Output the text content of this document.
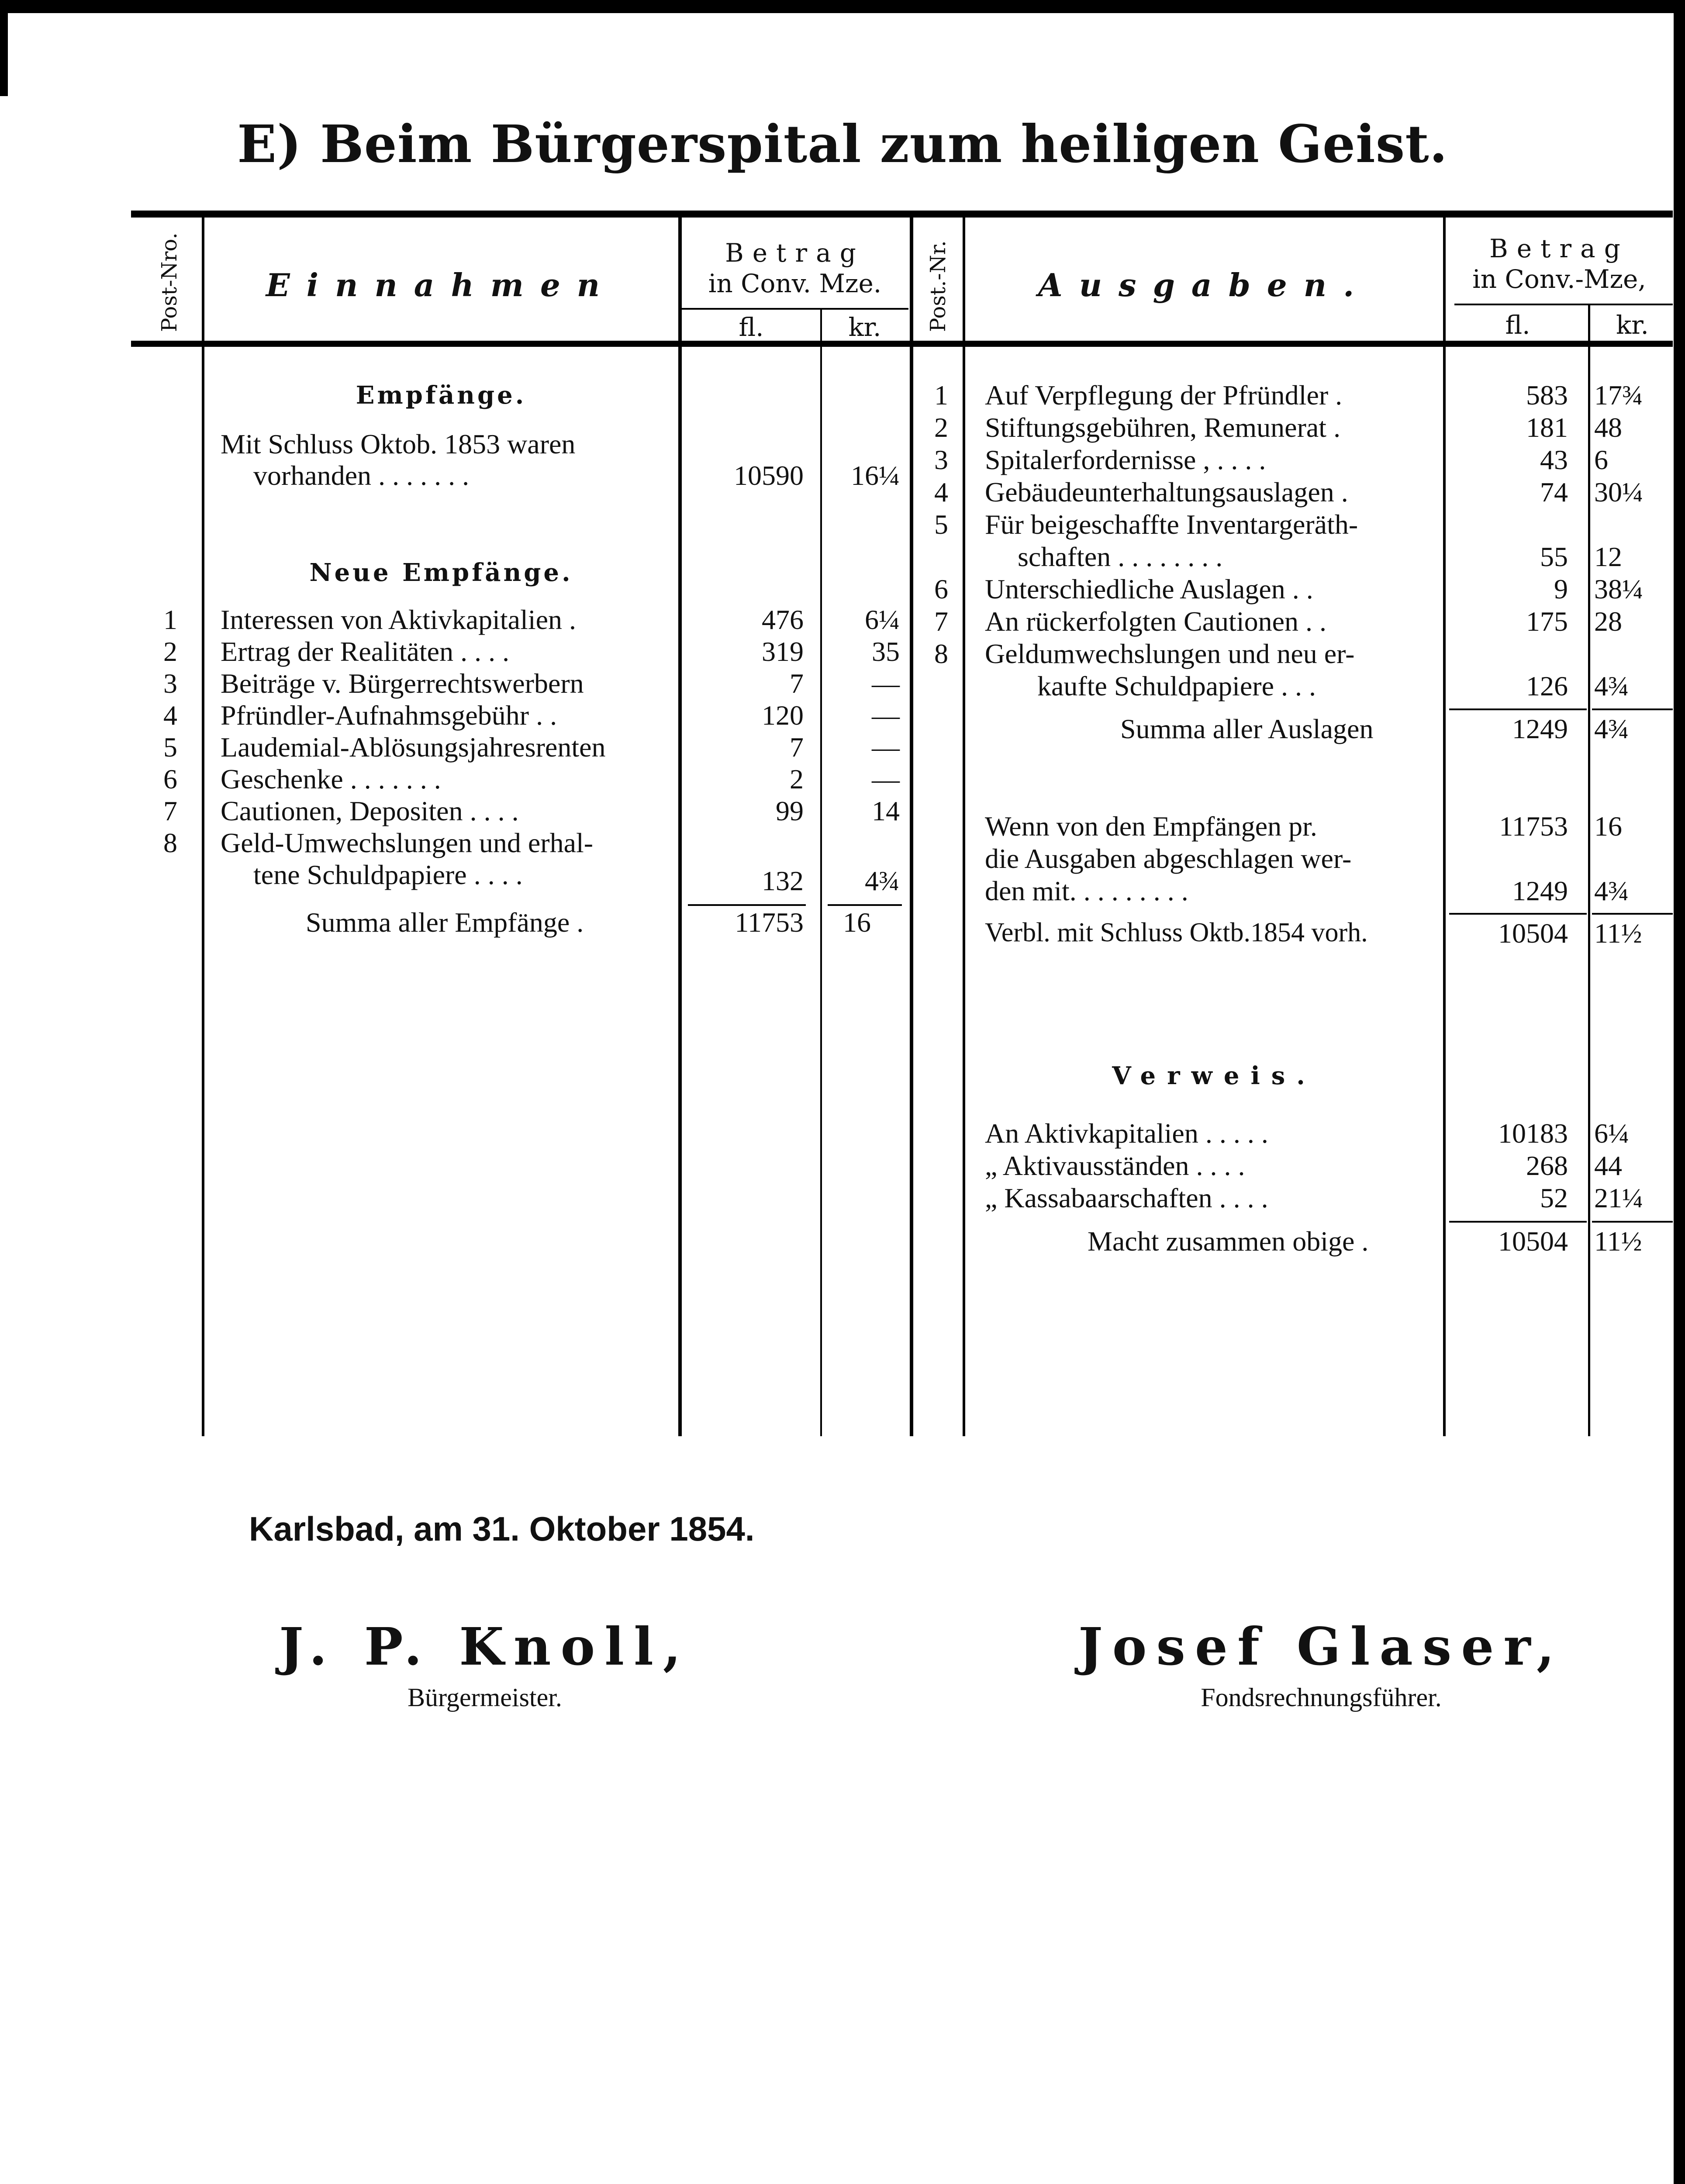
E) Beim Bürgerspital zum heiligen Geist.
Post-Nro.	Einnahmen
Betrag
in Conv. Mze.
fl.	kr.	Post.-Nr.	Ausgaben.
Betrag
in Conv.-Mze,
fl.	kr.
Empfänge.
Mit Schluss Oktob. 1853 waren
vorhanden . . . . . . .	10590	16¼
Neue Empfänge.
1 Interessen von Aktivkapitalien .	476	6¼
2 Ertrag der Realitäten . . . .	319	35
3 Beiträge v. Bürgerrechtswerbern	7	—
4 Pfründler-Aufnahmsgebühr . .	120	—
5 Laudemial-Ablösungsjahresrenten	7	—
6 Geschenke . . . . . . .	2	—
7 Cautionen, Depositen . . . .	99	14
8 Geld-Umwechslungen und erhal-
tene Schuldpapiere . . . .	132	4¾
Summa aller Empfänge .	11753	16
1 Auf Verpflegung der Pfründler .	583 17¾
2 Stiftungsgebühren, Remunerat .	181 48
3 Spitalerfordernisse , . . . .	43 6
4 Gebäudeunterhaltungsauslagen .	74 30¼
5 Für beigeschaffte Inventargeräth-
schaften . . . . . . . .	55 12
6 Unterschiedliche Auslagen . .	9 38¼
7 An rückerfolgten Cautionen . .	175 28
8 Geldumwechslungen und neu er-
kaufte Schuldpapiere . . .	126 4¾
Summa aller Auslagen	1249 4¾
Wenn von den Empfängen pr.	11753 16
die Ausgaben abgeschlagen wer-
den mit. . . . . . . . .	1249 4¾
Verbl. mit Schluss Oktb.1854 vorh.	10504 11½
Verweis.
An Aktivkapitalien . . . . .	10183 6¼
„ Aktivausständen . . . .	268 44
„ Kassabaarschaften . . . .	52 21¼
Macht zusammen obige .	10504 11½
Karlsbad, am 31. Oktober 1854.
J. P. Knoll,
Bürgermeister.
Josef Glaser,
Fondsrechnungsführer.
